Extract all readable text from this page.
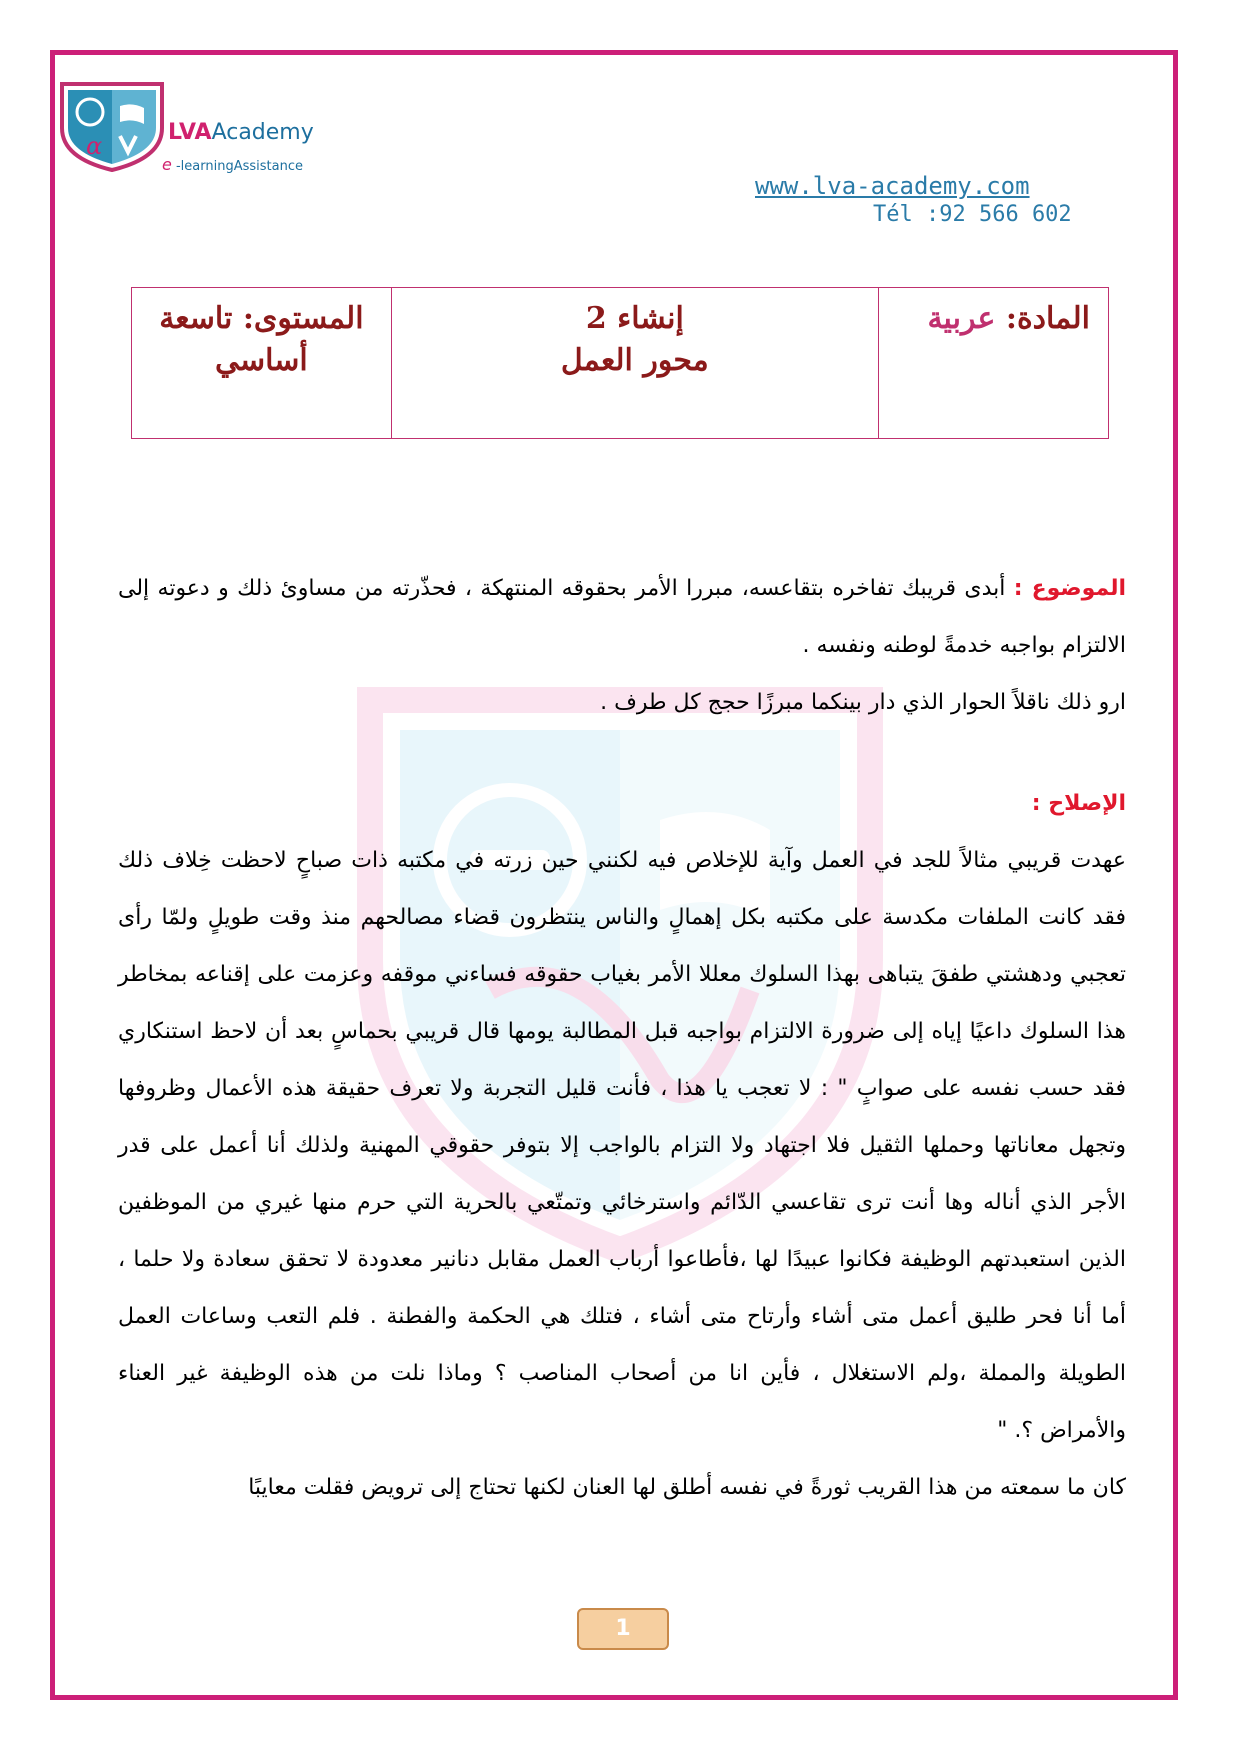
α	LVAAcademy
e -learningAssistance
www.lva-academy.com
Tél :92 566 602
المادة: عربية	
إنشاء 2
محور العمل

المستوى: تاسعة
أساسي

الموضوع : أبدى قريبك تفاخره بتقاعسه، مبررا الأمر بحقوقه المنتهكة ، فحذّرته من مساوئ ذلك و دعوته إلى الالتزام بواجبه خدمةً لوطنه ونفسه .

ارو ذلك ناقلاً الحوار الذي دار بينكما مبرزًا حجج كل طرف .

الإصلاح :

عهدت قريبي مثالاً للجد في العمل وآية للإخلاص فيه لكنني حين زرته في مكتبه ذات صباحٍ لاحظت خِلاف ذلك فقد كانت الملفات مكدسة على مكتبه بكل إهمالٍ والناس ينتظرون قضاء مصالحهم منذ وقت طويلٍ ولمّا رأى تعجبي ودهشتي طفقَ يتباهى بهذا السلوك معللا الأمر بغياب حقوقه فساءني موقفه وعزمت على إقناعه بمخاطر هذا السلوك داعيًا إياه إلى ضرورة الالتزام بواجبه قبل المطالبة يومها قال قريبي بحماسٍ بعد أن لاحظ استنكاري فقد حسب نفسه على صوابٍ " : لا تعجب يا هذا ، فأنت قليل التجربة ولا تعرف حقيقة هذه الأعمال وظروفها وتجهل معاناتها وحملها الثقيل فلا اجتهاد ولا التزام بالواجب إلا بتوفر حقوقي المهنية ولذلك أنا أعمل على قدر الأجر الذي أناله وها أنت ترى تقاعسي الدّائم واسترخائي وتمتّعي بالحرية التي حرم منها غيري من الموظفين الذين استعبدتهم الوظيفة فكانوا عبيدًا لها ،فأطاعوا أرباب العمل مقابل دنانير معدودة لا تحقق سعادة ولا حلما ، أما أنا فحر طليق أعمل متى أشاء وأرتاح متى أشاء ، فتلك هي الحكمة والفطنة . فلم التعب وساعات العمل الطويلة والمملة ،ولم الاستغلال ، فأين انا من أصحاب المناصب ؟ وماذا نلت من هذه الوظيفة غير العناء والأمراض ؟. "

كان ما سمعته من هذا القريب ثورةً في نفسه أطلق لها العنان لكنها تحتاج إلى ترويض فقلت معايبًا

1
